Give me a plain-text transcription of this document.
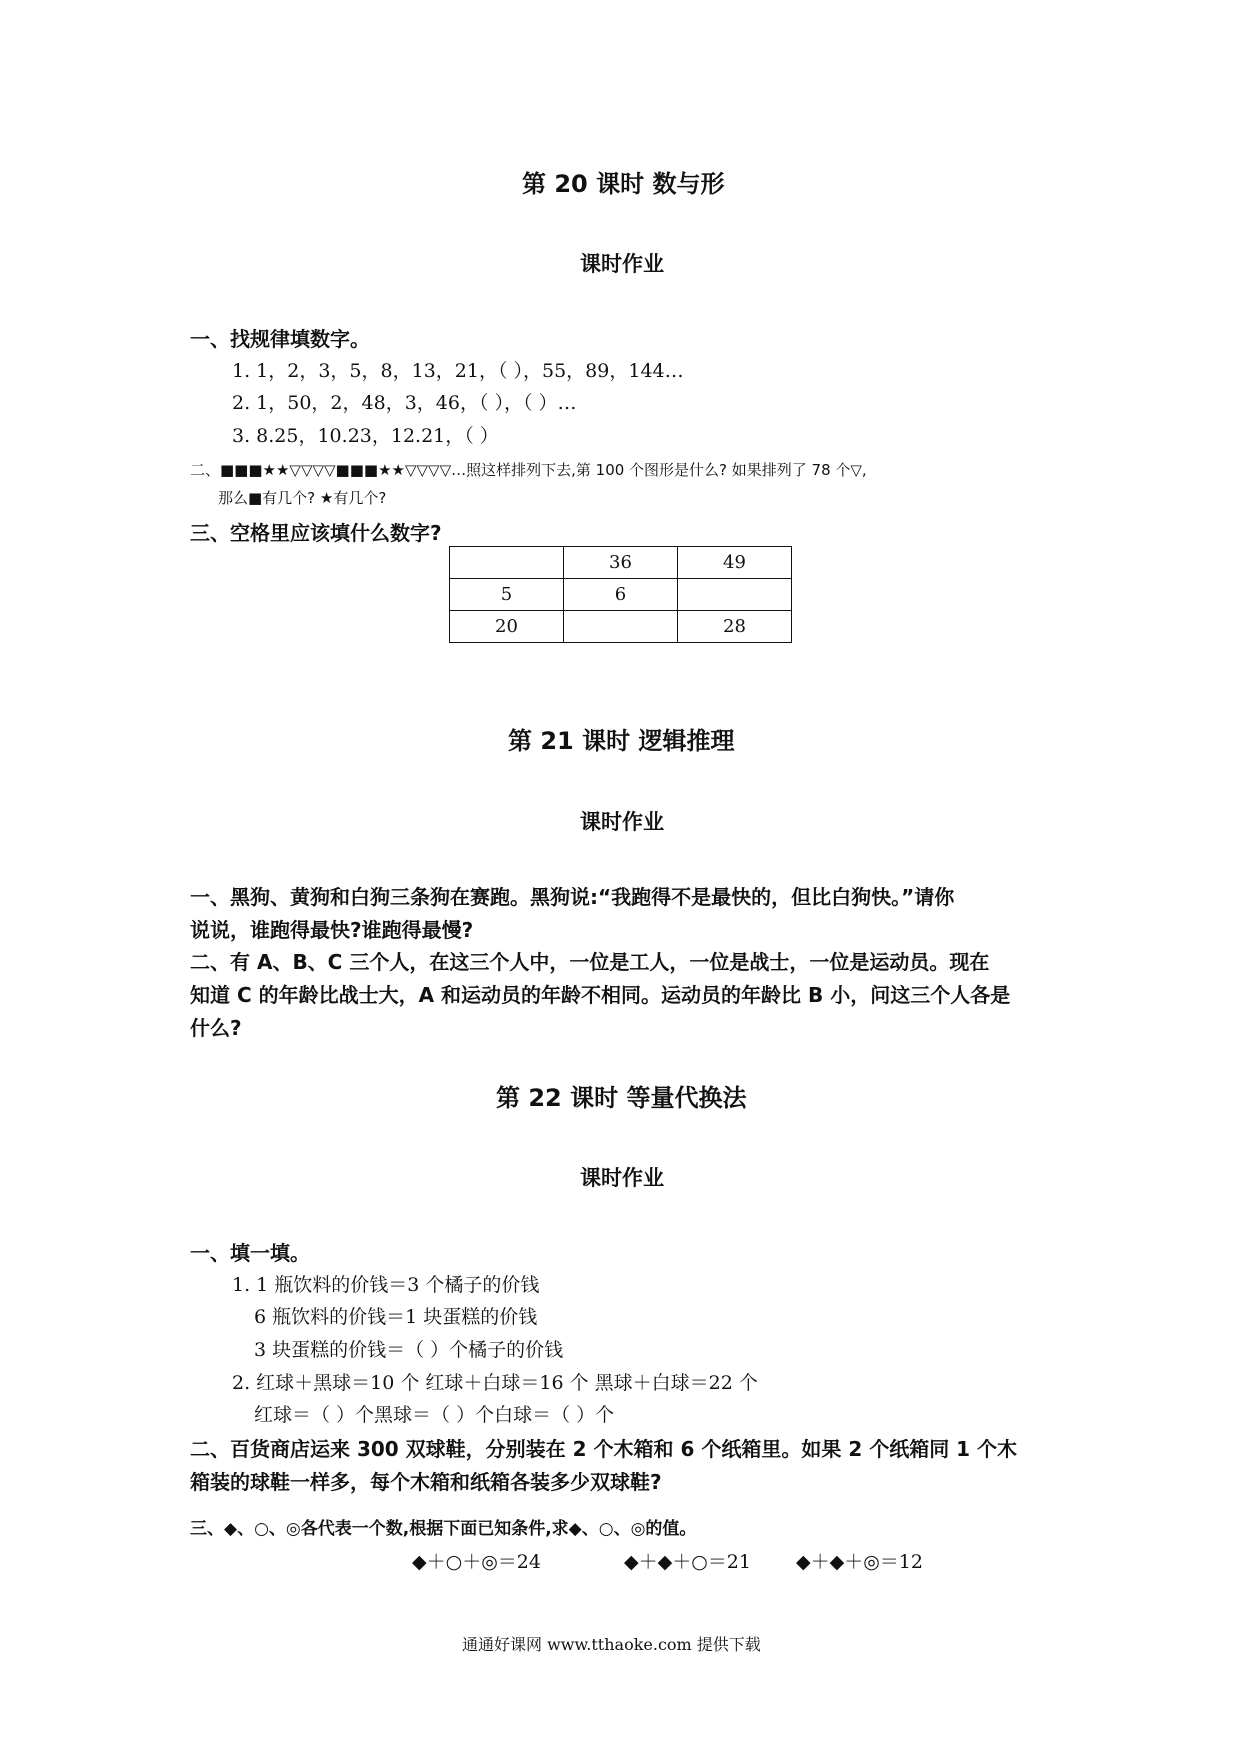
第 20 课时 数与形
课时作业
一、找规律填数字。
1. 1，2，3，5，8，13，21，（ ），55，89，144…
2. 1，50，2，48，3，46，（ ），（ ）…
3. 8.25，10.23，12.21，（ ）
二、■■■★★▽▽▽▽■■■★★▽▽▽▽…照这样排列下去,第 100 个图形是什么? 如果排列了 78 个▽,
那么■有几个? ★有几个?
三、空格里应该填什么数字?
	36	49
5	6	
20		28
第 21 课时 逻辑推理
课时作业
一、黑狗、黄狗和白狗三条狗在赛跑。黑狗说:“我跑得不是最快的，但比白狗快。”请你
说说，谁跑得最快?谁跑得最慢?
二、有 A、B、C 三个人，在这三个人中，一位是工人，一位是战士，一位是运动员。现在
知道 C 的年龄比战士大，A 和运动员的年龄不相同。运动员的年龄比 B 小，问这三个人各是
什么?
第 22 课时 等量代换法
课时作业
一、填一填。
1. 1 瓶饮料的价钱＝3 个橘子的价钱
6 瓶饮料的价钱＝1 块蛋糕的价钱
3 块蛋糕的价钱＝（ ）个橘子的价钱
2. 红球＋黑球＝10 个 红球＋白球＝16 个 黑球＋白球＝22 个
红球＝（ ）个黑球＝（ ）个白球＝（ ）个
二、百货商店运来 300 双球鞋，分别装在 2 个木箱和 6 个纸箱里。如果 2 个纸箱同 1 个木
箱装的球鞋一样多，每个木箱和纸箱各装多少双球鞋?
三、◆、○、◎各代表一个数,根据下面已知条件,求◆、○、◎的值。
◆＋○＋◎＝24	◆＋◆＋○＝21 ◆＋◆＋◎＝12
通通好课网 www.tthaoke.com 提供下载
